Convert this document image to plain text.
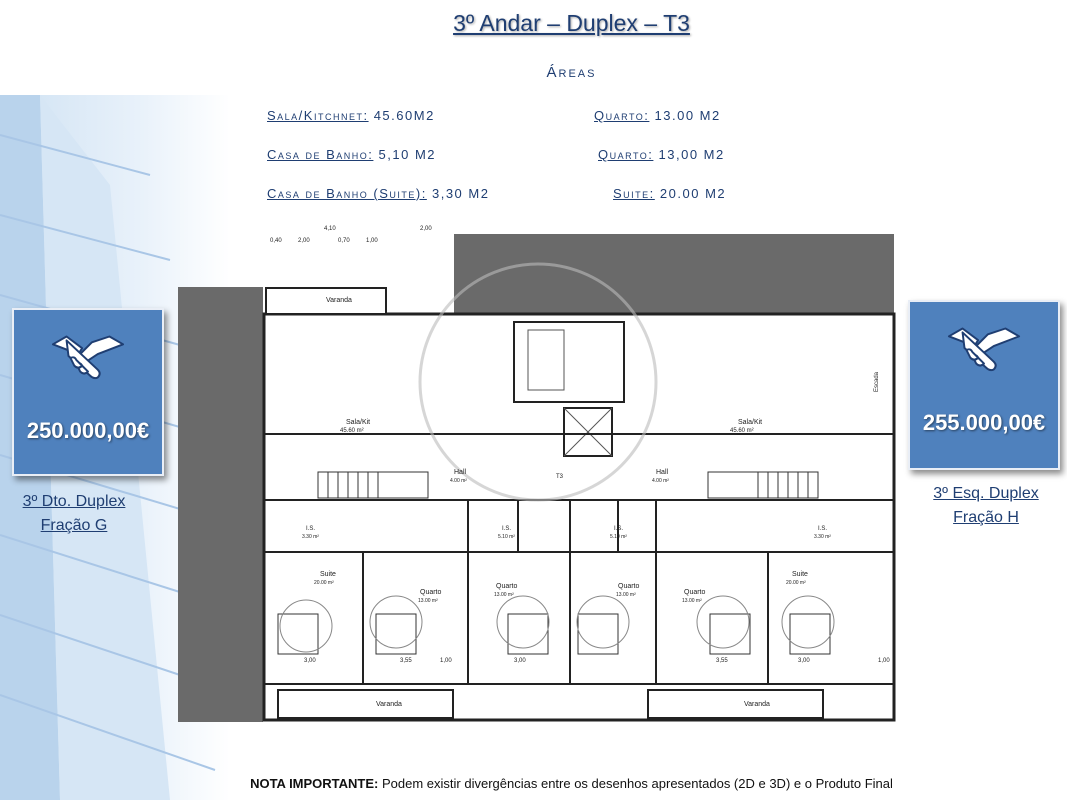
3º Andar – Duplex – T3
Áreas
Sala/Kitchnet: 45.60M2	Quarto: 13.00 M2
Casa de Banho: 5,10 M2	Quarto: 13,00 M2
Casa de Banho (Suite): 3,30 M2	Suite: 20.00 M2
250.000,00€
3º Dto. Duplex
Fração G
255.000,00€
3º Esq. Duplex
Fração H
Varanda
Sala/Kit
45.60 m²
Sala/Kit
45.60 m²
Hall
4.00 m²
Hall
4.00 m²
T3
I.S.
3.30 m²
I.S.
5.10 m²
I.S.
5.10 m²
I.S.
3.30 m²
Suite
20.00 m²
Suite
20.00 m²
Quarto
13.00 m²
Quarto
13.00 m²
Quarto
13.00 m²	Quarto
13.00 m²
Varanda	Varanda
0,40	2,00	0,70	1,00
4,10	2,00
3,00	3,55	1,00	3,00	3,55	3,00	1,00
Escada
NOTA IMPORTANTE: Podem existir divergências entre os desenhos apresentados (2D e 3D) e o Produto Final
